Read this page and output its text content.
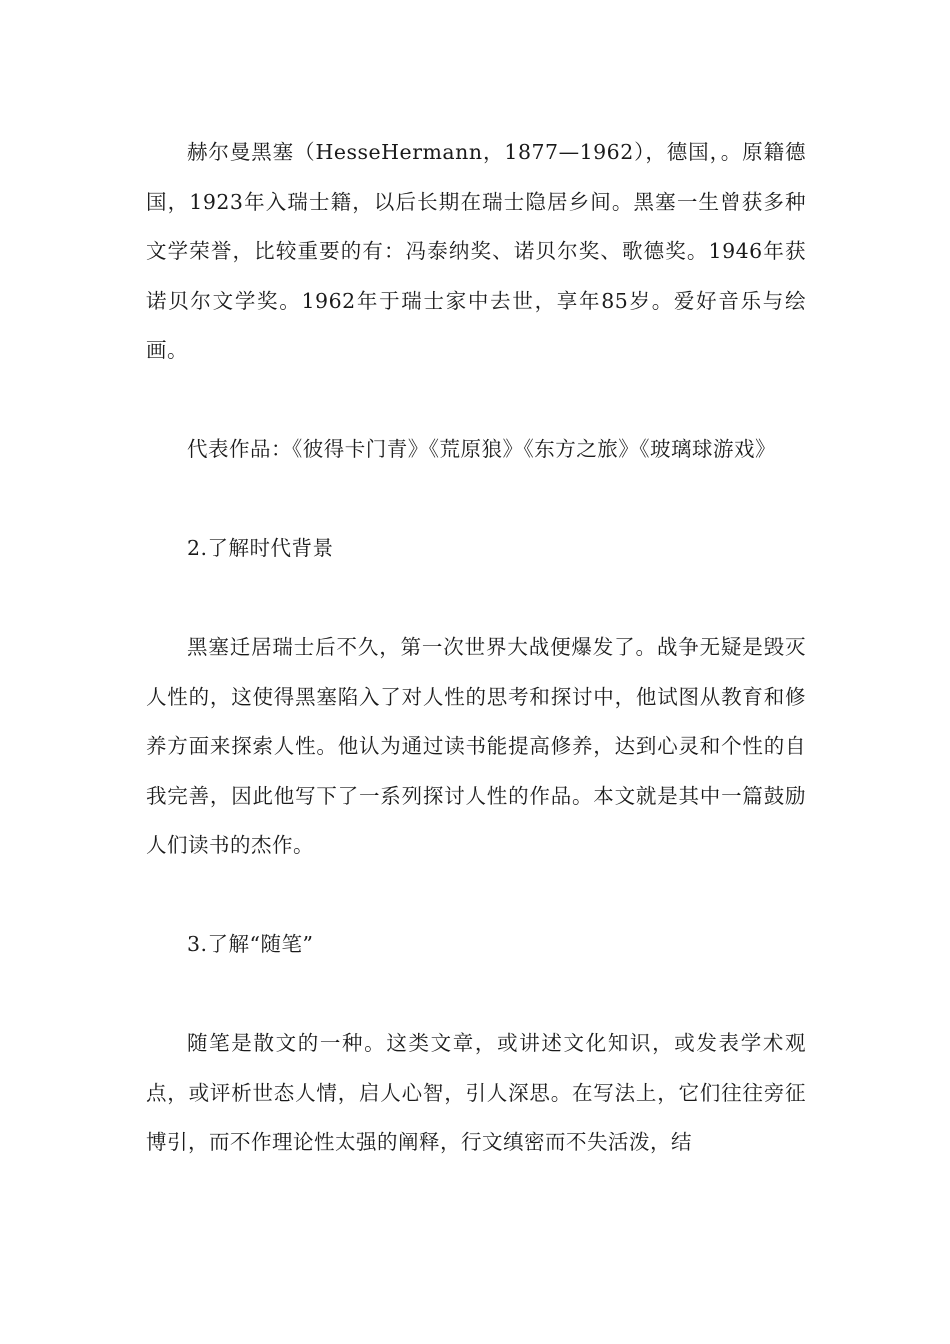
赫尔曼黑塞（HesseHermann，1877—1962），德国，。原籍德国，1923年入瑞士籍，以后长期在瑞士隐居乡间。黑塞一生曾获多种文学荣誉，比较重要的有：冯泰纳奖、诺贝尔奖、歌德奖。1946年获诺贝尔文学奖。1962年于瑞士家中去世，享年85岁。爱好音乐与绘画。

代表作品：《彼得卡门青》《荒原狼》《东方之旅》《玻璃球游戏》

2.了解时代背景

黑塞迁居瑞士后不久，第一次世界大战便爆发了。战争无疑是毁灭人性的，这使得黑塞陷入了对人性的思考和探讨中，他试图从教育和修养方面来探索人性。他认为通过读书能提高修养，达到心灵和个性的自我完善，因此他写下了一系列探讨人性的作品。本文就是其中一篇鼓励人们读书的杰作。

3.了解“随笔”

随笔是散文的一种。这类文章，或讲述文化知识，或发表学术观点，或评析世态人情，启人心智，引人深思。在写法上，它们往往旁征博引，而不作理论性太强的阐释，行文缜密而不失活泼，结
